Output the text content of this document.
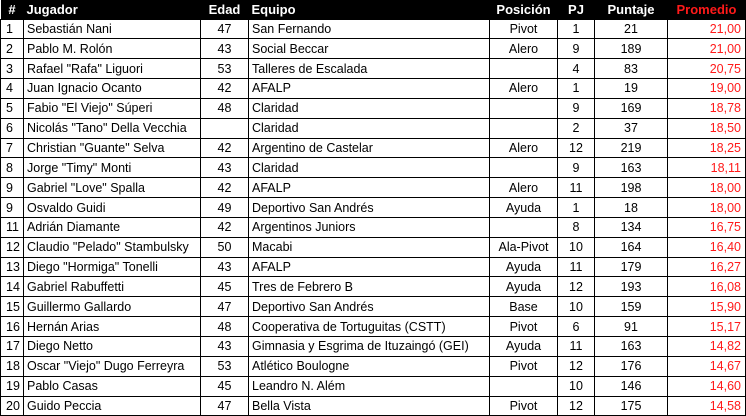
#	Jugador	Edad	Equipo	Posición	PJ	Puntaje	Promedio
1	Sebastián Nani	47	San Fernando	Pivot	1	21	21,00
2	Pablo M. Rolón	43	Social Beccar	Alero	9	189	21,00
3	Rafael "Rafa" Liguori	53	Talleres de Escalada		4	83	20,75
4	Juan Ignacio Ocanto	42	AFALP	Alero	1	19	19,00
5	Fabio "El Viejo" Súperi	48	Claridad		9	169	18,78
6	Nicolás "Tano" Della Vecchia		Claridad		2	37	18,50
7	Christian "Guante" Selva	42	Argentino de Castelar	Alero	12	219	18,25
8	Jorge "Timy" Monti	43	Claridad		9	163	18,11
9	Gabriel "Love" Spalla	42	AFALP	Alero	11	198	18,00
9	Osvaldo Guidi	49	Deportivo San Andrés	Ayuda	1	18	18,00
11	Adrián Diamante	42	Argentinos Juniors		8	134	16,75
12	Claudio "Pelado" Stambulsky	50	Macabi	Ala-Pivot	10	164	16,40
13	Diego "Hormiga" Tonelli	43	AFALP	Ayuda	11	179	16,27
14	Gabriel Rabuffetti	45	Tres de Febrero B	Ayuda	12	193	16,08
15	Guillermo Gallardo	47	Deportivo San Andrés	Base	10	159	15,90
16	Hernán Arias	48	Cooperativa de Tortuguitas (CSTT)	Pivot	6	91	15,17
17	Diego Netto	43	Gimnasia y Esgrima de Ituzaingó (GEI)	Ayuda	11	163	14,82
18	Oscar "Viejo" Dugo Ferreyra	53	Atlético Boulogne	Pivot	12	176	14,67
19	Pablo Casas	45	Leandro N. Além		10	146	14,60
20	Guido Peccia	47	Bella Vista	Pivot	12	175	14,58
